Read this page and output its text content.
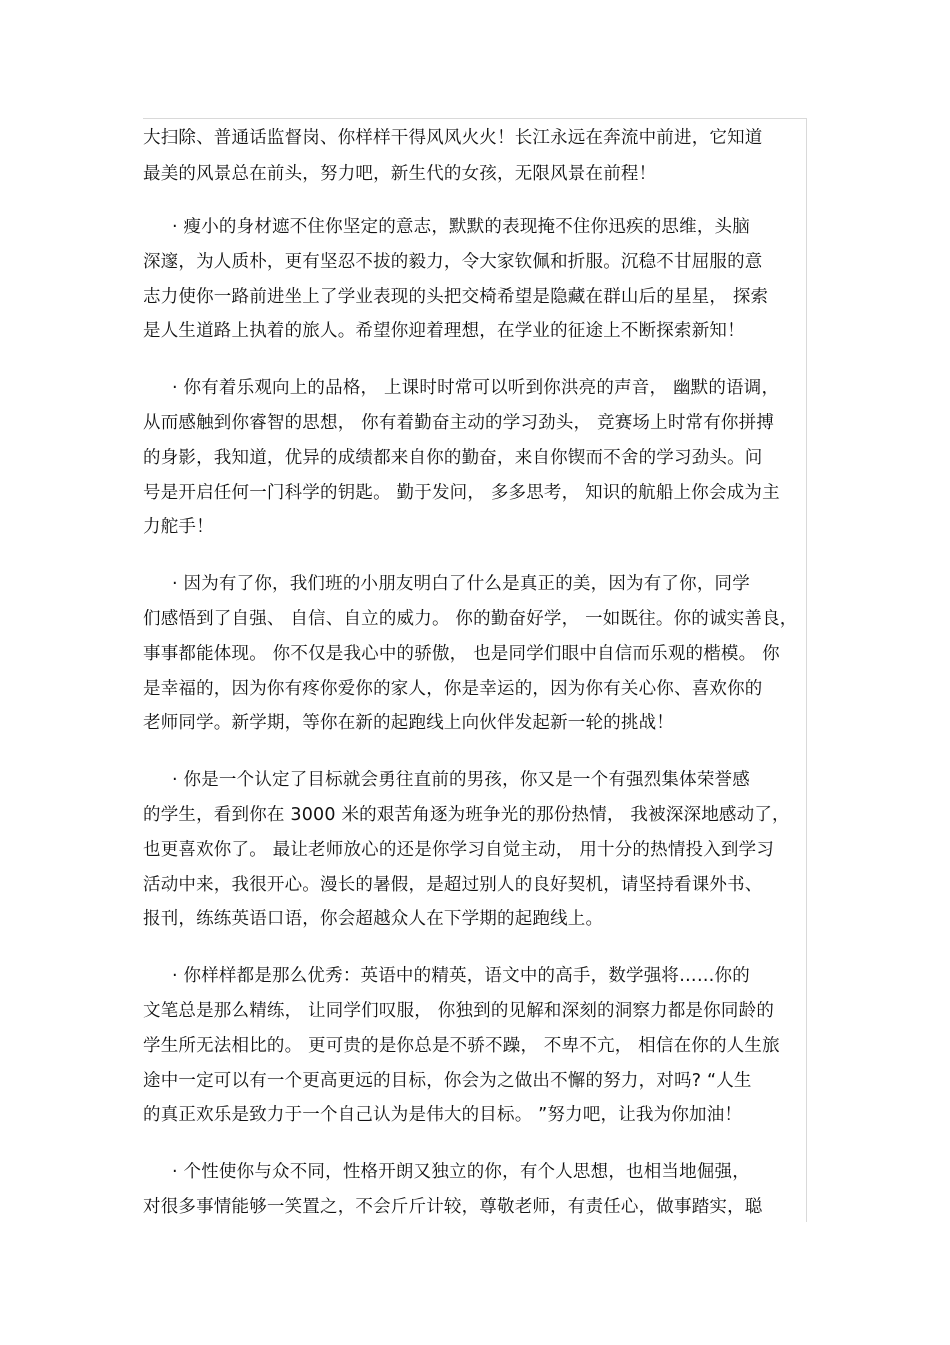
大扫除、普通话监督岗、你样样干得风风火火！长江永远在奔流中前进，它知道
最美的风景总在前头，努力吧，新生代的女孩，无限风景在前程！
· 瘦小的身材遮不住你坚定的意志，默默的表现掩不住你迅疾的思维，头脑
深邃，为人质朴，更有坚忍不拔的毅力，令大家钦佩和折服。沉稳不甘屈服的意
志力使你一路前进坐上了学业表现的头把交椅希望是隐藏在群山后的星星， 探索
是人生道路上执着的旅人。希望你迎着理想，在学业的征途上不断探索新知！
· 你有着乐观向上的品格， 上课时时常可以听到你洪亮的声音， 幽默的语调，
从而感触到你睿智的思想， 你有着勤奋主动的学习劲头， 竞赛场上时常有你拼搏
的身影，我知道，优异的成绩都来自你的勤奋，来自你锲而不舍的学习劲头。问
号是开启任何一门科学的钥匙。 勤于发问， 多多思考， 知识的航船上你会成为主
力舵手！
· 因为有了你，我们班的小朋友明白了什么是真正的美，因为有了你，同学
们感悟到了自强、 自信、自立的威力。 你的勤奋好学， 一如既往。你的诚实善良，
事事都能体现。 你不仅是我心中的骄傲， 也是同学们眼中自信而乐观的楷模。 你
是幸福的，因为你有疼你爱你的家人，你是幸运的，因为你有关心你、喜欢你的
老师同学。新学期，等你在新的起跑线上向伙伴发起新一轮的挑战！
· 你是一个认定了目标就会勇往直前的男孩，你又是一个有强烈集体荣誉感
的学生，看到你在 3000 米的艰苦角逐为班争光的那份热情， 我被深深地感动了，
也更喜欢你了。 最让老师放心的还是你学习自觉主动， 用十分的热情投入到学习
活动中来，我很开心。漫长的暑假，是超过别人的良好契机，请坚持看课外书、
报刊，练练英语口语，你会超越众人在下学期的起跑线上。
· 你样样都是那么优秀：英语中的精英，语文中的高手，数学强将……你的
文笔总是那么精练， 让同学们叹服， 你独到的见解和深刻的洞察力都是你同龄的
学生所无法相比的。 更可贵的是你总是不骄不躁， 不卑不亢， 相信在你的人生旅
途中一定可以有一个更高更远的目标，你会为之做出不懈的努力，对吗? “人生
的真正欢乐是致力于一个自己认为是伟大的目标。 ”努力吧，让我为你加油！
· 个性使你与众不同，性格开朗又独立的你，有个人思想，也相当地倔强，
对很多事情能够一笑置之，不会斤斤计较，尊敬老师，有责任心，做事踏实，聪
